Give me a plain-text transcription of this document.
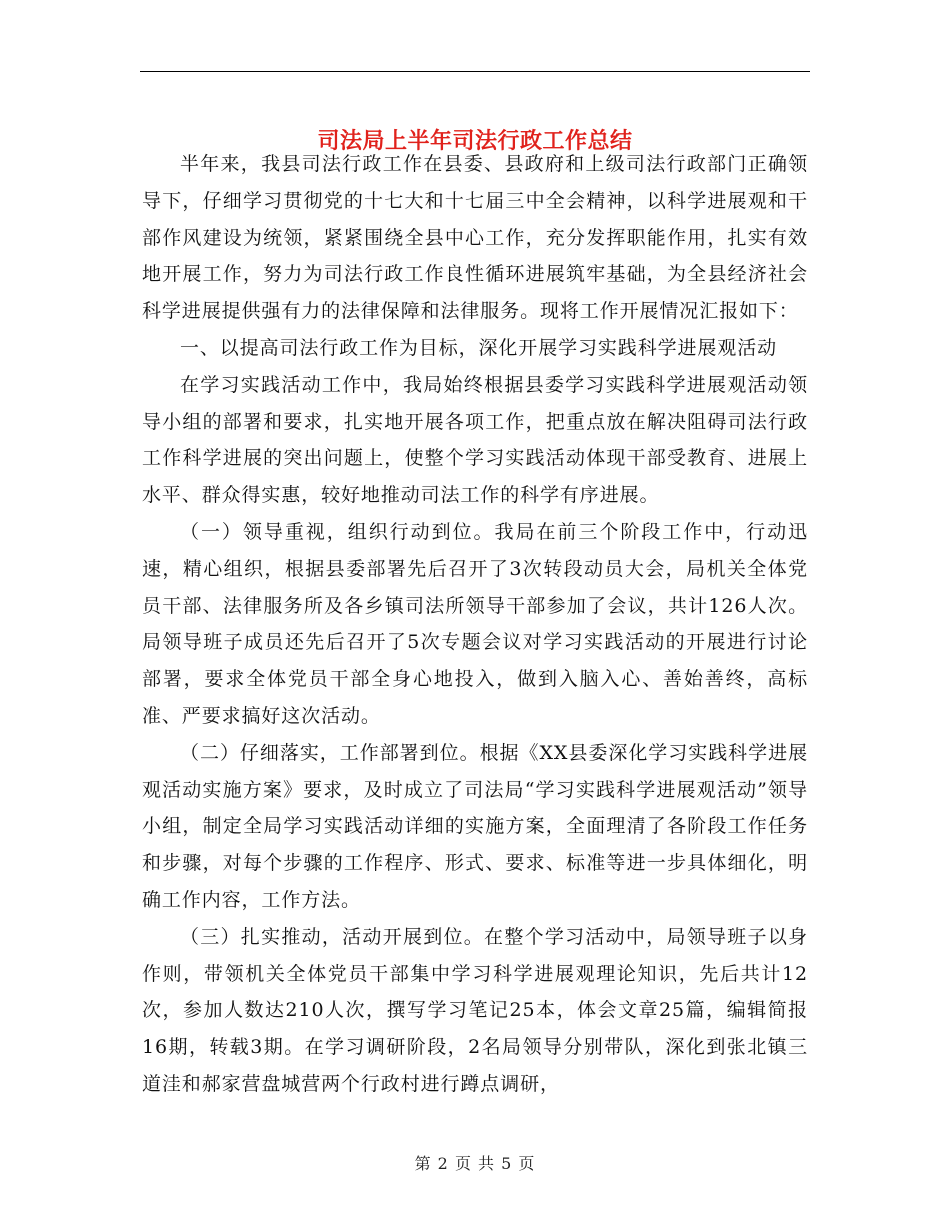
司法局上半年司法行政工作总结

半年来，我县司法行政工作在县委、县政府和上级司法行政部门正确领导下，仔细学习贯彻党的十七大和十七届三中全会精神，以科学进展观和干部作风建设为统领，紧紧围绕全县中心工作，充分发挥职能作用，扎实有效地开展工作，努力为司法行政工作良性循环进展筑牢基础，为全县经济社会科学进展提供强有力的法律保障和法律服务。现将工作开展情况汇报如下：

一、以提高司法行政工作为目标，深化开展学习实践科学进展观活动

在学习实践活动工作中，我局始终根据县委学习实践科学进展观活动领导小组的部署和要求，扎实地开展各项工作，把重点放在解决阻碍司法行政工作科学进展的突出问题上，使整个学习实践活动体现干部受教育、进展上水平、群众得实惠，较好地推动司法工作的科学有序进展。

（一）领导重视，组织行动到位。我局在前三个阶段工作中，行动迅速，精心组织，根据县委部署先后召开了3次转段动员大会，局机关全体党员干部、法律服务所及各乡镇司法所领导干部参加了会议，共计126人次。局领导班子成员还先后召开了5次专题会议对学习实践活动的开展进行讨论部署，要求全体党员干部全身心地投入，做到入脑入心、善始善终，高标准、严要求搞好这次活动。

（二）仔细落实，工作部署到位。根据《XX县委深化学习实践科学进展观活动实施方案》要求，及时成立了司法局“学习实践科学进展观活动”领导小组，制定全局学习实践活动详细的实施方案，全面理清了各阶段工作任务和步骤，对每个步骤的工作程序、形式、要求、标准等进一步具体细化，明确工作内容，工作方法。

（三）扎实推动，活动开展到位。在整个学习活动中，局领导班子以身作则，带领机关全体党员干部集中学习科学进展观理论知识，先后共计12次，参加人数达210人次，撰写学习笔记25本，体会文章25篇，编辑简报16期，转载3期。在学习调研阶段，2名局领导分别带队，深化到张北镇三道洼和郝家营盘城营两个行政村进行蹲点调研，

第 2 页 共 5 页
